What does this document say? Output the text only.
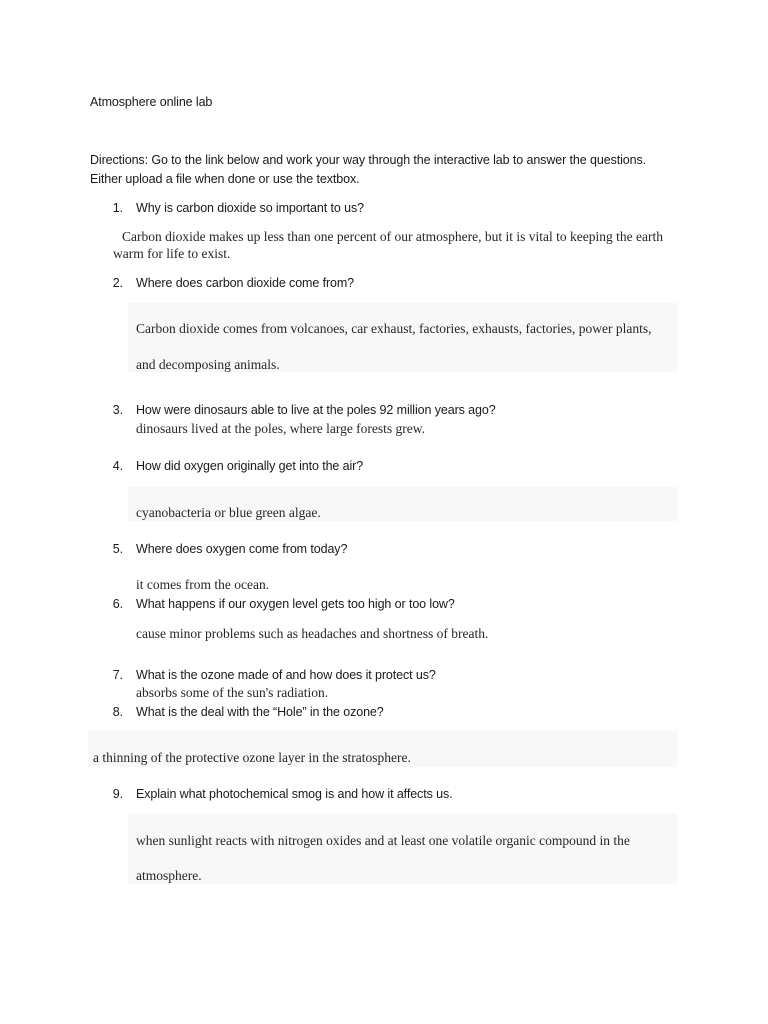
Atmosphere online lab
Directions: Go to the link below and work your way through the interactive lab to answer the questions.
Either upload a file when done or use the textbox.
1. Why is carbon dioxide so important to us?
Carbon dioxide makes up less than one percent of our atmosphere, but it is vital to keeping the earth
warm for life to exist.
2. Where does carbon dioxide come from?
Carbon dioxide comes from volcanoes, car exhaust, factories, exhausts, factories, power plants,
and decomposing animals.
3. How were dinosaurs able to live at the poles 92 million years ago?
dinosaurs lived at the poles, where large forests grew.
4. How did oxygen originally get into the air?
cyanobacteria or blue green algae.
5. Where does oxygen come from today?
it comes from the ocean.
6. What happens if our oxygen level gets too high or too low?
cause minor problems such as headaches and shortness of breath.
7. What is the ozone made of and how does it protect us?
absorbs some of the sun's radiation.
8. What is the deal with the “Hole” in the ozone?
a thinning of the protective ozone layer in the stratosphere.
9. Explain what photochemical smog is and how it affects us.
when sunlight reacts with nitrogen oxides and at least one volatile organic compound in the
atmosphere.
